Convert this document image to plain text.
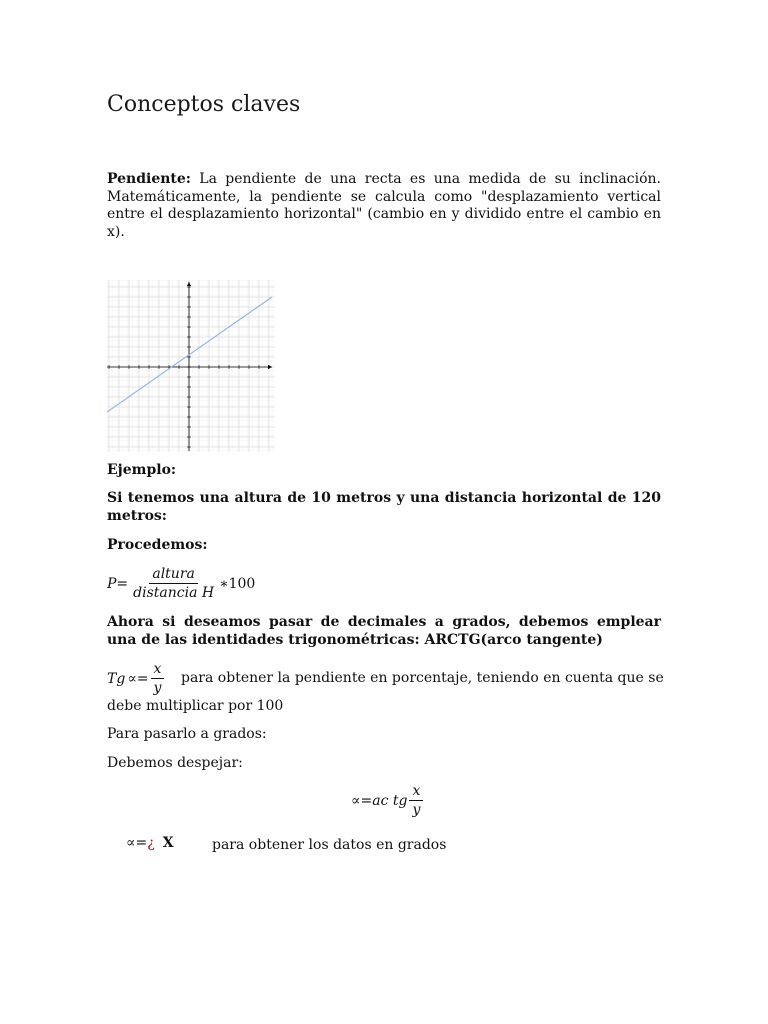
Conceptos claves

Pendiente: La pendiente de una recta es una medida de su inclinación. Matemáticamente, la pendiente se calcula como "desplazamiento vertical entre el desplazamiento horizontal" (cambio en y dividido entre el cambio en x).

Ejemplo:

Si tenemos una altura de 10 metros y una distancia horizontal de 120 metros:

Procedemos:

$P = \frac{\text{altura}}{\text{distancia H}}$ ∗100

Ahora si deseamos pasar de decimales a grados, debemos emplear una de las identidades trigonométricas: ARCTG(arco tangente)

Tg ∝ = $\frac{x}{y}$ para obtener la pendiente en porcentaje, teniendo en cuenta que se
debe multiplicar por 100
Para pasarlo a grados:
Debemos despejar:
∝ = ac tg $\frac{x}{y}$
∝ = ¿ X	para obtener los datos en grados
